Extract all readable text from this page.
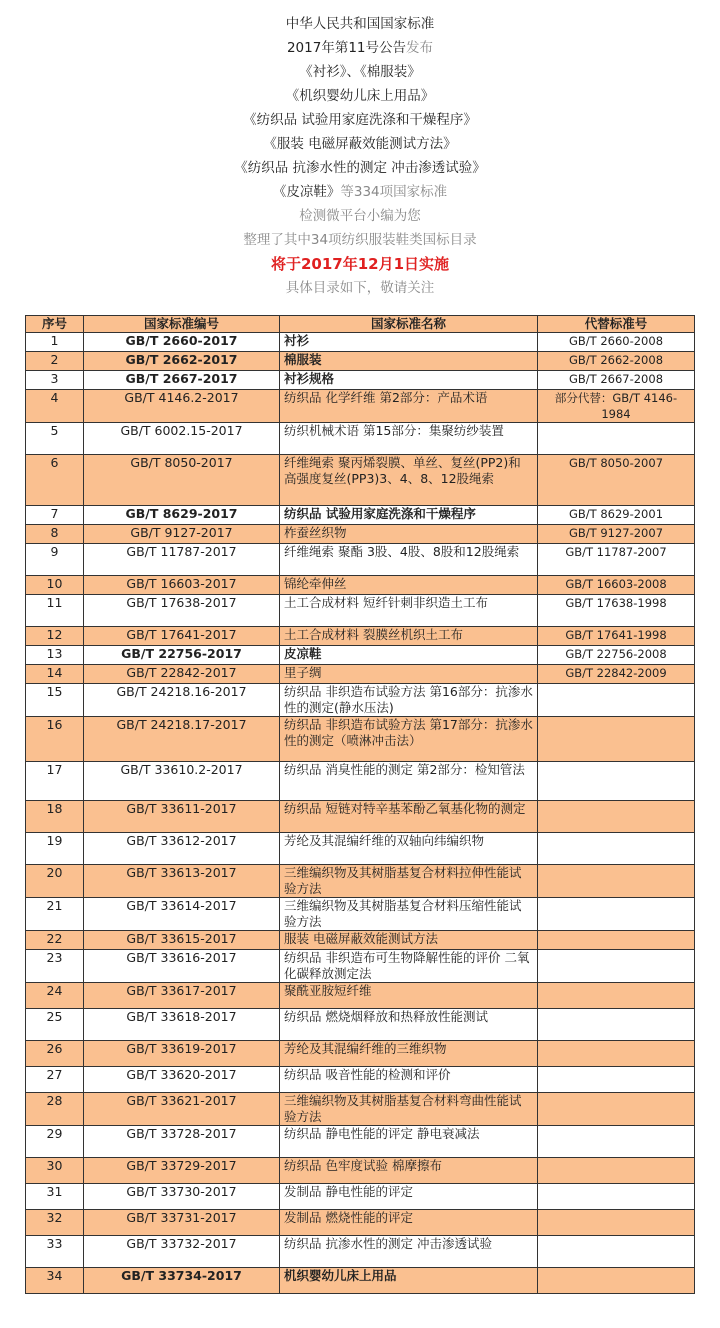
中华人民共和国国家标准
2017年第11号公告发布
《衬衫》、《棉服装》
《机织婴幼儿床上用品》
《纺织品 试验用家庭洗涤和干燥程序》
《服装 电磁屏蔽效能测试方法》
《纺织品 抗渗水性的测定 冲击渗透试验》
《皮凉鞋》等334项国家标准
检测微平台小编为您
整理了其中34项纺织服装鞋类国标目录
将于2017年12月1日实施
具体目录如下，敬请关注
序号	国家标准编号	国家标准名称	代替标准号
1	GB/T 2660-2017	衬衫	GB/T 2660-2008
2	GB/T 2662-2017	棉服装	GB/T 2662-2008
3	GB/T 2667-2017	衬衫规格	GB/T 2667-2008
4	GB/T 4146.2-2017	纺织品 化学纤维 第2部分：产品术语	部分代替：GB/T 4146-1984
5	GB/T 6002.15-2017	纺织机械术语 第15部分：集聚纺纱装置	
6	GB/T 8050-2017	纤维绳索 聚丙烯裂膜、单丝、复丝(PP2)和高强度复丝(PP3)3、4、8、12股绳索	GB/T 8050-2007
7	GB/T 8629-2017	纺织品 试验用家庭洗涤和干燥程序	GB/T 8629-2001
8	GB/T 9127-2017	柞蚕丝织物	GB/T 9127-2007
9	GB/T 11787-2017	纤维绳索 聚酯 3股、4股、8股和12股绳索	GB/T 11787-2007
10	GB/T 16603-2017	锦纶牵伸丝	GB/T 16603-2008
11	GB/T 17638-2017	土工合成材料 短纤针刺非织造土工布	GB/T 17638-1998
12	GB/T 17641-2017	土工合成材料 裂膜丝机织土工布	GB/T 17641-1998
13	GB/T 22756-2017	皮凉鞋	GB/T 22756-2008
14	GB/T 22842-2017	里子绸	GB/T 22842-2009
15	GB/T 24218.16-2017	纺织品 非织造布试验方法 第16部分：抗渗水性的测定(静水压法)	
16	GB/T 24218.17-2017	纺织品 非织造布试验方法 第17部分：抗渗水性的测定（喷淋冲击法）	
17	GB/T 33610.2-2017	纺织品 消臭性能的测定 第2部分：检知管法	
18	GB/T 33611-2017	纺织品 短链对特辛基苯酚乙氧基化物的测定	
19	GB/T 33612-2017	芳纶及其混编纤维的双轴向纬编织物	
20	GB/T 33613-2017	三维编织物及其树脂基复合材料拉伸性能试验方法	
21	GB/T 33614-2017	三维编织物及其树脂基复合材料压缩性能试验方法	
22	GB/T 33615-2017	服装 电磁屏蔽效能测试方法	
23	GB/T 33616-2017	纺织品 非织造布可生物降解性能的评价 二氧化碳释放测定法	
24	GB/T 33617-2017	聚酰亚胺短纤维	
25	GB/T 33618-2017	纺织品 燃烧烟释放和热释放性能测试	
26	GB/T 33619-2017	芳纶及其混编纤维的三维织物	
27	GB/T 33620-2017	纺织品 吸音性能的检测和评价	
28	GB/T 33621-2017	三维编织物及其树脂基复合材料弯曲性能试验方法	
29	GB/T 33728-2017	纺织品 静电性能的评定 静电衰减法	
30	GB/T 33729-2017	纺织品 色牢度试验 棉摩擦布	
31	GB/T 33730-2017	发制品 静电性能的评定	
32	GB/T 33731-2017	发制品 燃烧性能的评定	
33	GB/T 33732-2017	纺织品 抗渗水性的测定 冲击渗透试验	
34	GB/T 33734-2017	机织婴幼儿床上用品	
